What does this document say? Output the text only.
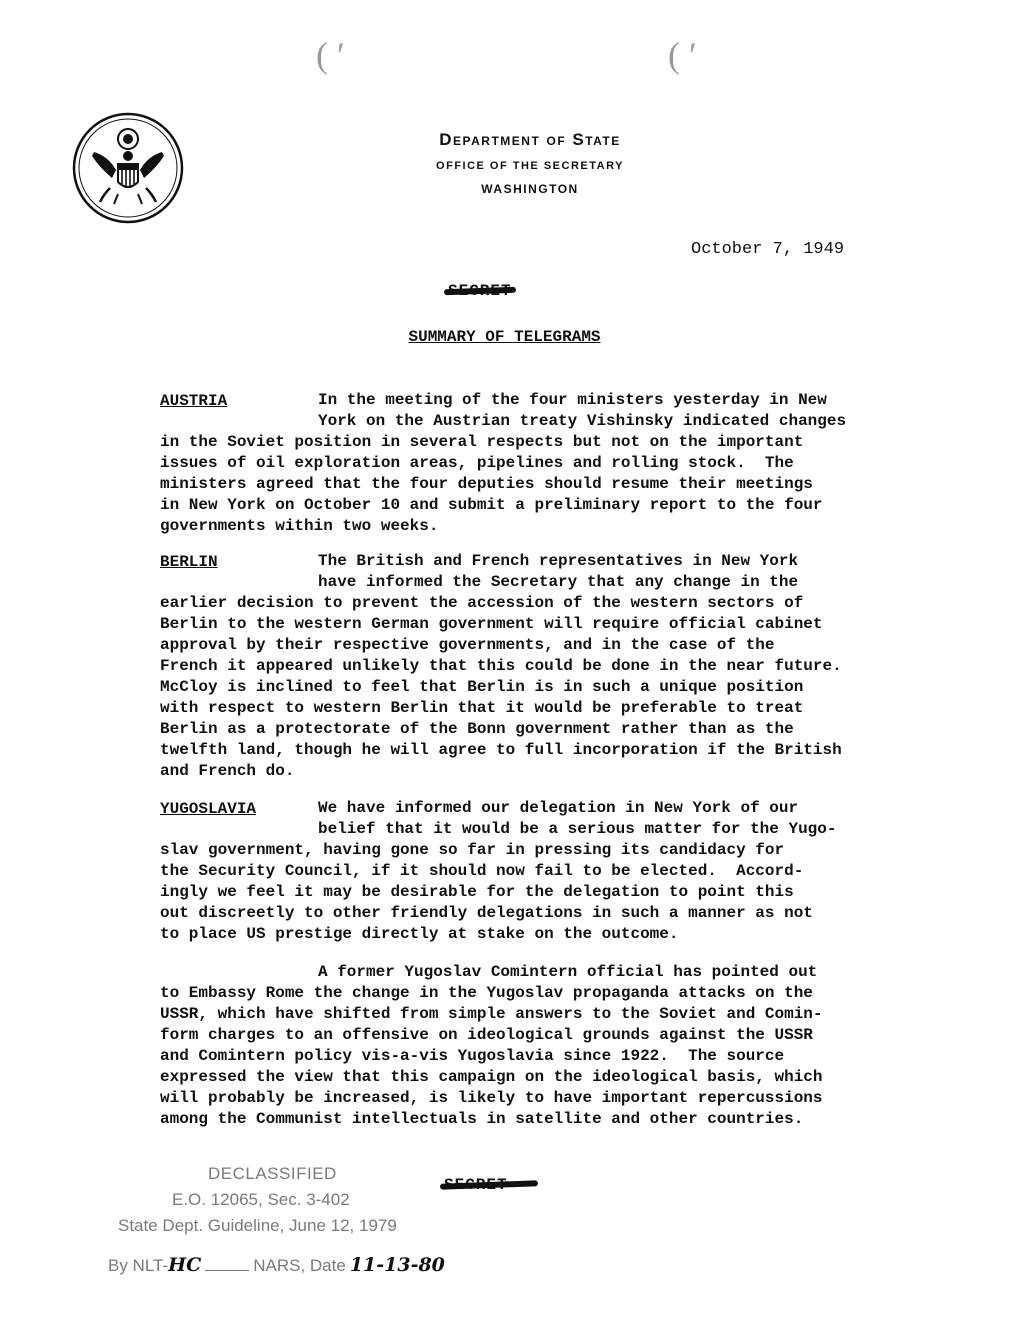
( ′	( ′
Department of State
OFFICE OF THE SECRETARY
WASHINGTON
October 7, 1949
SUMMARY OF TELEGRAMS
AUSTRIA	In the meeting of the four ministers yesterday in New
York on the Austrian treaty Vishinsky indicated changes
in the Soviet position in several respects but not on the important
issues of oil exploration areas, pipelines and rolling stock.  The
ministers agreed that the four deputies should resume their meetings
in New York on October 10 and submit a preliminary report to the four
governments within two weeks.
BERLIN	The British and French representatives in New York
have informed the Secretary that any change in the
earlier decision to prevent the accession of the western sectors of
Berlin to the western German government will require official cabinet
approval by their respective governments, and in the case of the
French it appeared unlikely that this could be done in the near future.
McCloy is inclined to feel that Berlin is in such a unique position
with respect to western Berlin that it would be preferable to treat
Berlin as a protectorate of the Bonn government rather than as the
twelfth land, though he will agree to full incorporation if the British
and French do.
YUGOSLAVIA	We have informed our delegation in New York of our
belief that it would be a serious matter for the Yugo-
slav government, having gone so far in pressing its candidacy for
the Security Council, if it should now fail to be elected.  Accord-
ingly we feel it may be desirable for the delegation to point this
out discreetly to other friendly delegations in such a manner as not
to place US prestige directly at stake on the outcome.
A former Yugoslav Comintern official has pointed out
to Embassy Rome the change in the Yugoslav propaganda attacks on the
USSR, which have shifted from simple answers to the Soviet and Comin-
form charges to an offensive on ideological grounds against the USSR
and Comintern policy vis-a-vis Yugoslavia since 1922.  The source
expressed the view that this campaign on the ideological basis, which
will probably be increased, is likely to have important repercussions
among the Communist intellectuals in satellite and other countries.
DECLASSIFIED
E.O. 12065, Sec. 3-402
State Dept. Guideline, June 12, 1979
By NLT-HC	NARS, Date 11-13-80
